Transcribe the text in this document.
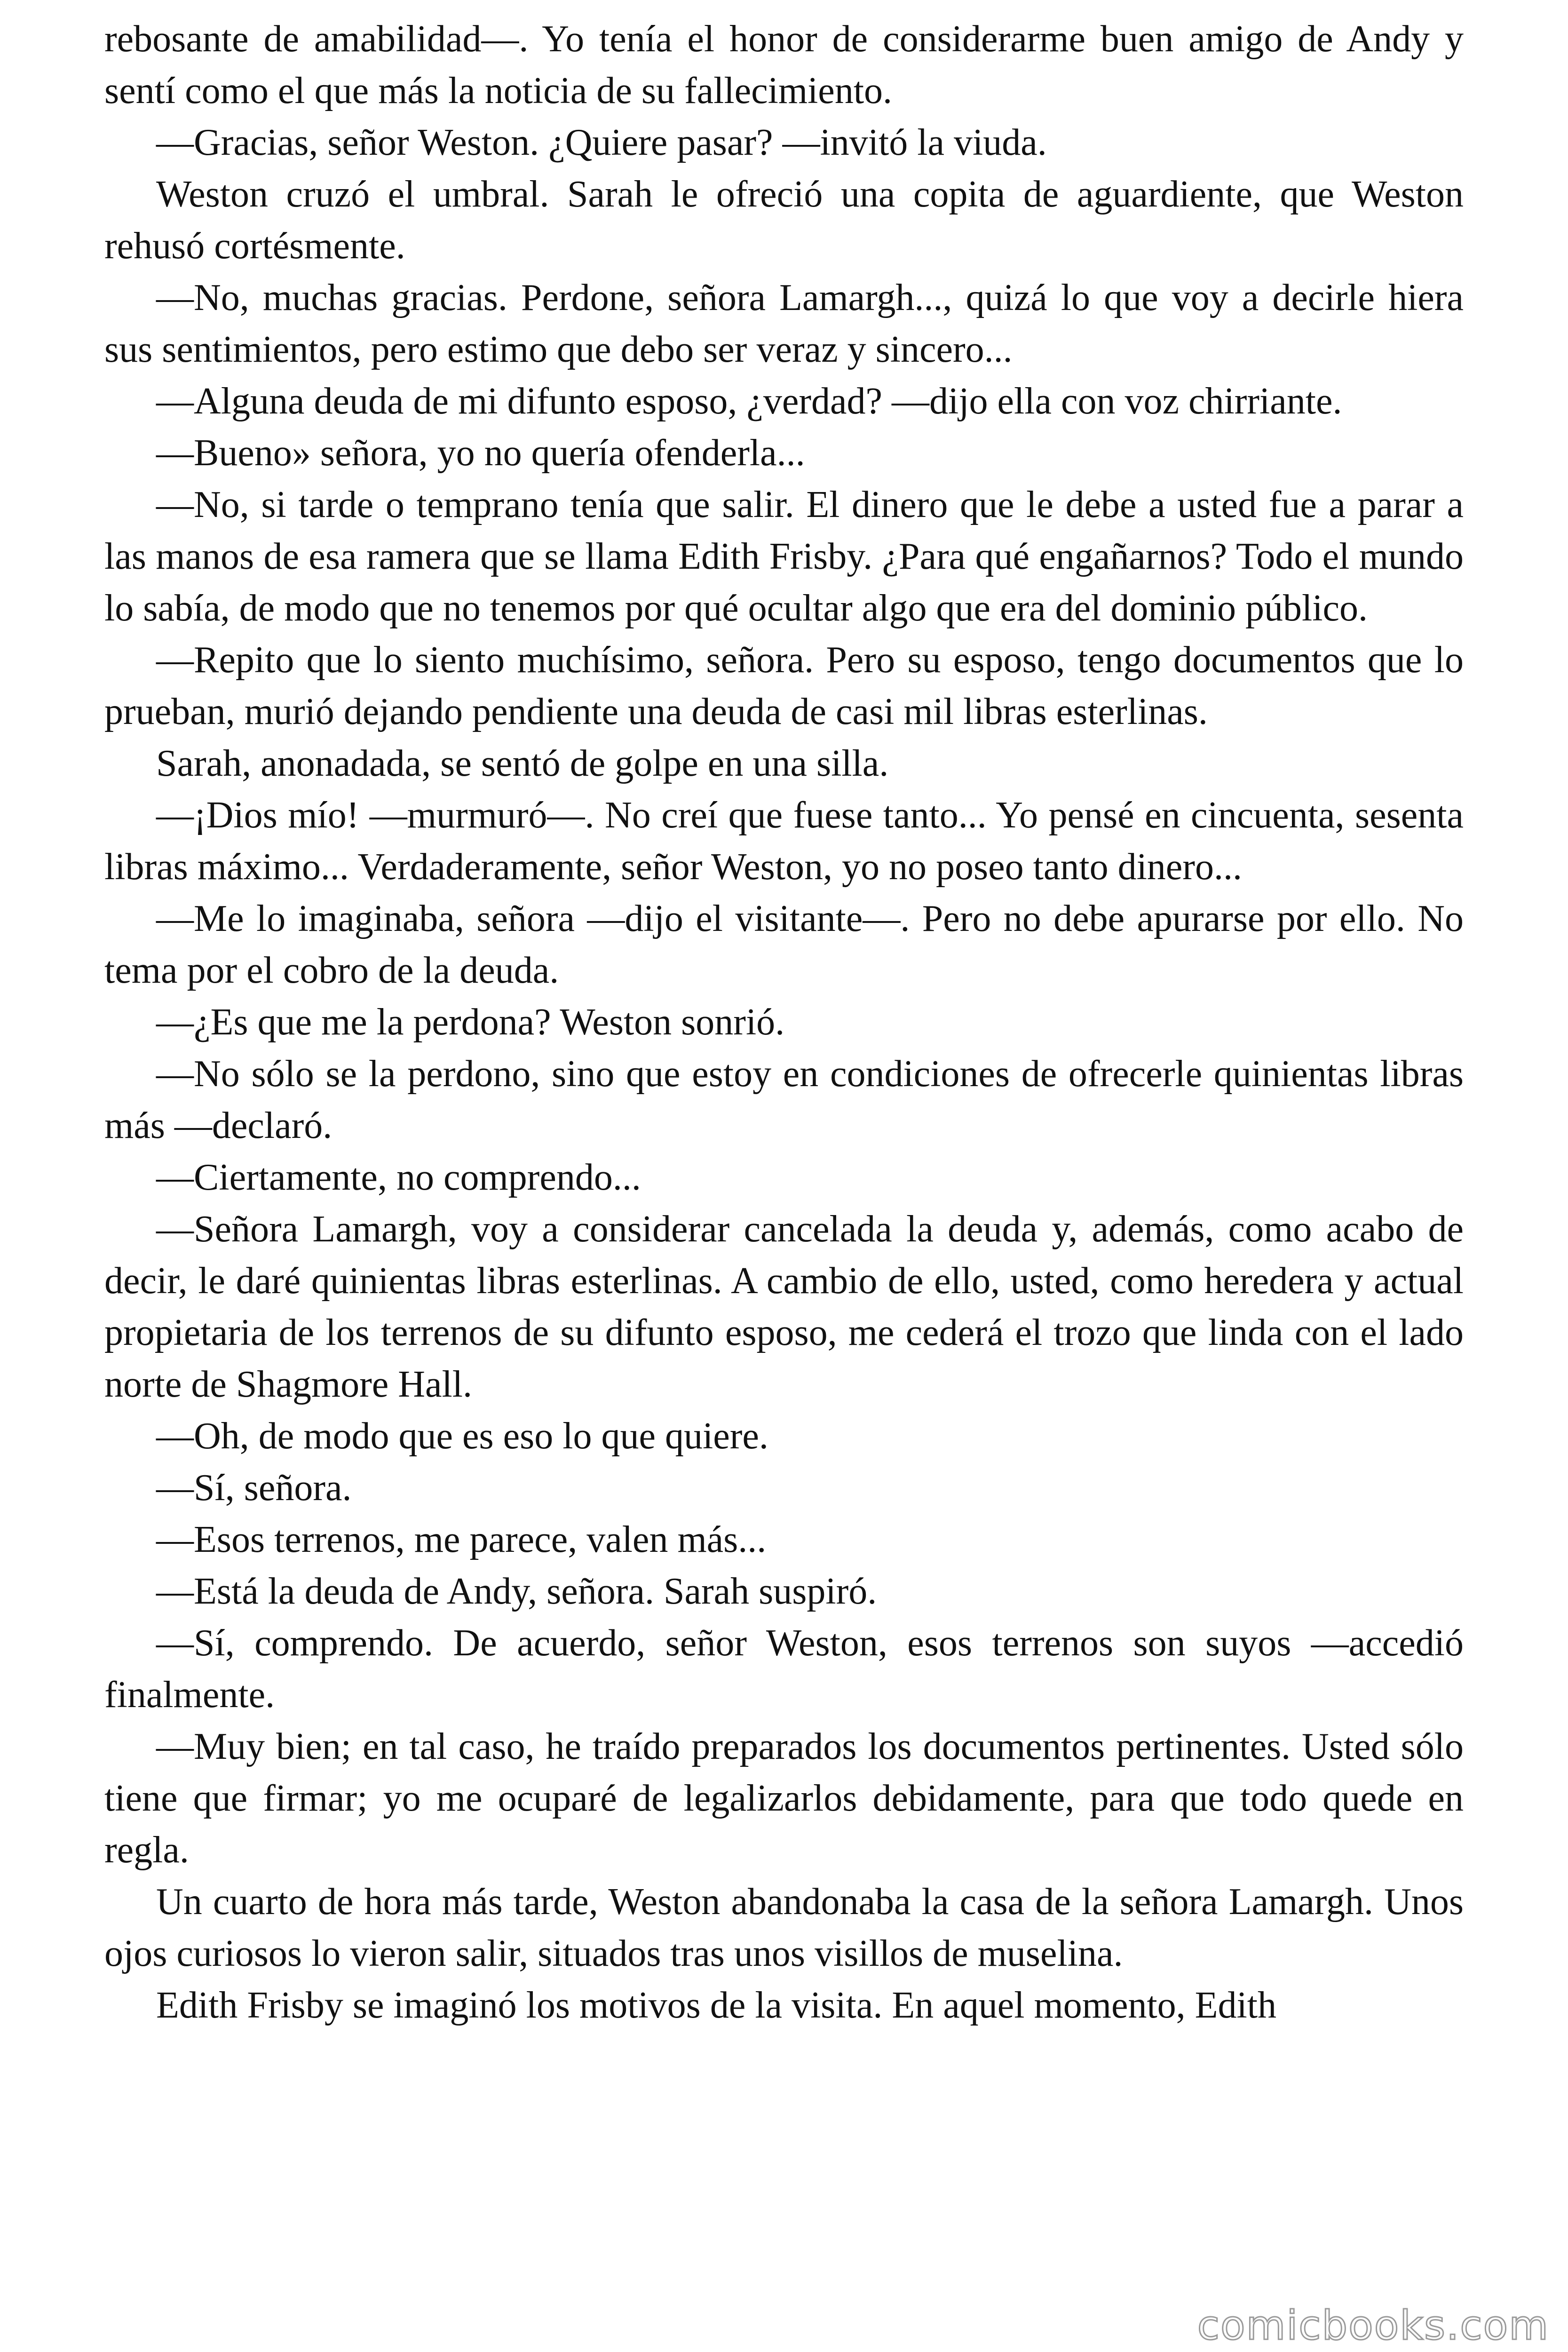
rebosante de amabilidad—. Yo tenía el honor de considerarme buen amigo de Andy y sentí como el que más la noticia de su fallecimiento.

—Gracias, señor Weston. ¿Quiere pasar? —invitó la viuda.

Weston cruzó el umbral. Sarah le ofreció una copita de aguardiente, que Weston rehusó cortésmente.

—No, muchas gracias. Perdone, señora Lamargh..., quizá lo que voy a decirle hiera sus sentimientos, pero estimo que debo ser veraz y sincero...

—Alguna deuda de mi difunto esposo, ¿verdad? —dijo ella con voz chirriante.

—Bueno» señora, yo no quería ofenderla...

—No, si tarde o temprano tenía que salir. El dinero que le debe a usted fue a parar a las manos de esa ramera que se llama Edith Frisby. ¿Para qué engañarnos? Todo el mundo lo sabía, de modo que no tenemos por qué ocultar algo que era del dominio público.

—Repito que lo siento muchísimo, señora. Pero su esposo, tengo documentos que lo prueban, murió dejando pendiente una deuda de casi mil libras esterlinas.

Sarah, anonadada, se sentó de golpe en una silla.

—¡Dios mío! —murmuró—. No creí que fuese tanto... Yo pensé en cincuenta, sesenta libras máximo... Verdaderamente, señor Weston, yo no poseo tanto dinero...

—Me lo imaginaba, señora —dijo el visitante—. Pero no debe apurarse por ello. No tema por el cobro de la deuda.

—¿Es que me la perdona? Weston sonrió.

—No sólo se la perdono, sino que estoy en condiciones de ofrecerle quinientas libras más —declaró.

—Ciertamente, no comprendo...

—Señora Lamargh, voy a considerar cancelada la deuda y, además, como acabo de decir, le daré quinientas libras esterlinas. A cambio de ello, usted, como heredera y actual propietaria de los terrenos de su difunto esposo, me cederá el trozo que linda con el lado norte de Shagmore Hall.

—Oh, de modo que es eso lo que quiere.

—Sí, señora.

—Esos terrenos, me parece, valen más...

—Está la deuda de Andy, señora. Sarah suspiró.

—Sí, comprendo. De acuerdo, señor Weston, esos terrenos son suyos —accedió finalmente.

—Muy bien; en tal caso, he traído preparados los documentos pertinentes. Usted sólo tiene que firmar; yo me ocuparé de legalizarlos debidamente, para que todo quede en regla.

Un cuarto de hora más tarde, Weston abandonaba la casa de la señora Lamargh. Unos ojos curiosos lo vieron salir, situados tras unos visillos de muselina.

Edith Frisby se imaginó los motivos de la visita. En aquel momento, Edith

comicbooks.com
